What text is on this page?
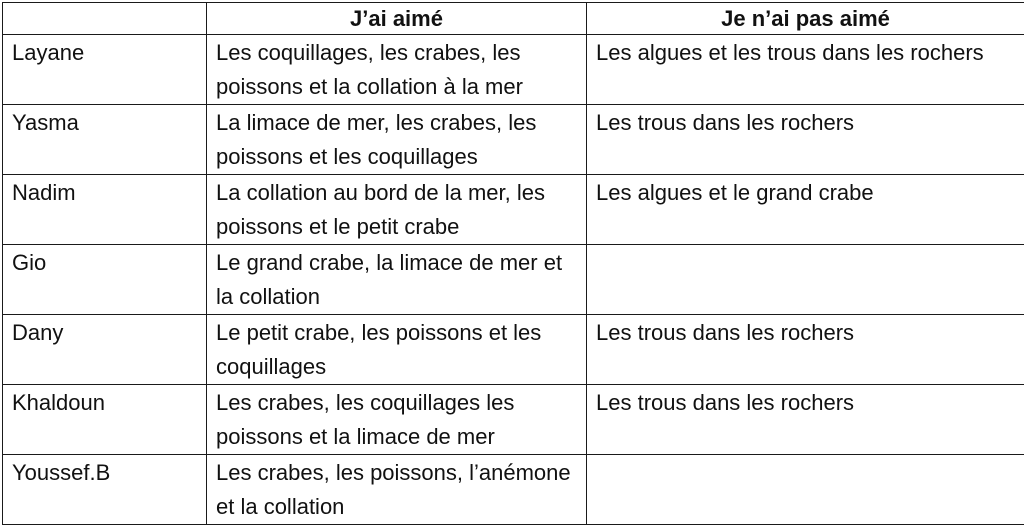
	J’ai aimé	Je n’ai pas aimé

Layane	Les coquillages, les crabes, les poissons et la collation à la mer	Les algues et les trous dans les rochers

Yasma	La limace de mer, les crabes, les poissons et les coquillages	Les trous dans les rochers

Nadim	La collation au bord de la mer, les poissons et le petit crabe	Les algues et le grand crabe

Gio	Le grand crabe, la limace de mer et la collation	

Dany	Le petit crabe, les poissons et les coquillages	Les trous dans les rochers

Khaldoun	Les crabes, les coquillages les poissons et la limace de mer	Les trous dans les rochers

Youssef.B	Les crabes, les poissons, l’anémone et la collation	
